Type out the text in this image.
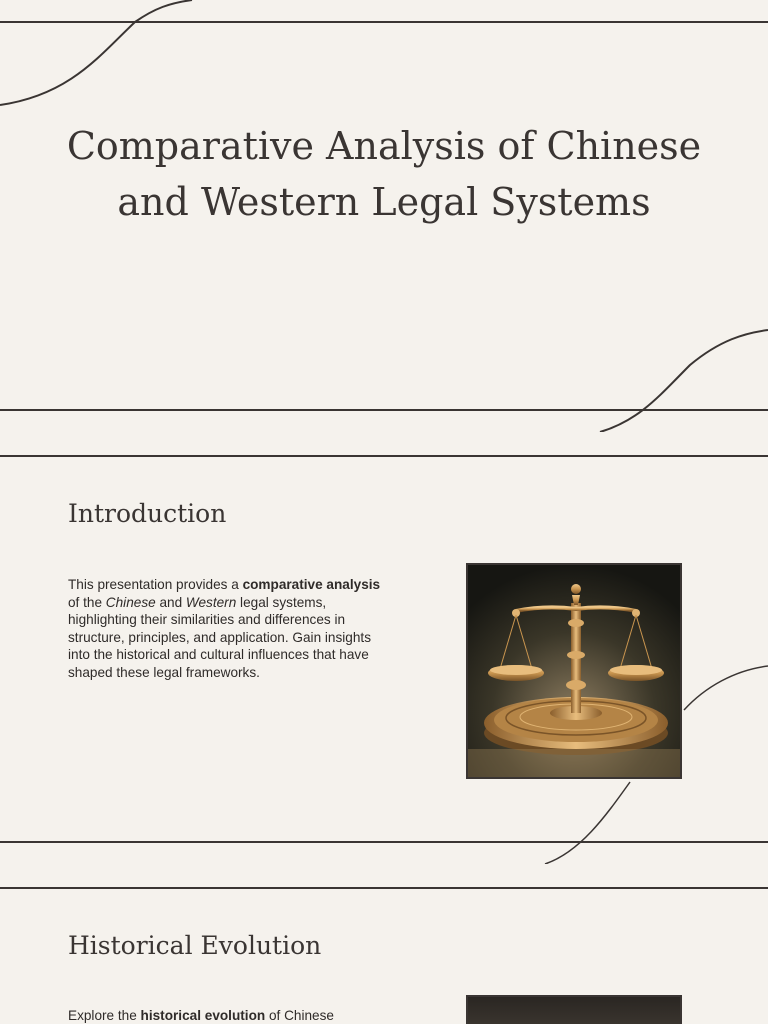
Comparative Analysis of Chinese
and Western Legal Systems
Introduction

This presentation provides a comparative analysis of the Chinese and Western legal systems, highlighting their similarities and differences in structure, principles, and application. Gain insights into the historical and cultural influences that have shaped these legal frameworks.

Historical Evolution

Explore the historical evolution of Chinese
